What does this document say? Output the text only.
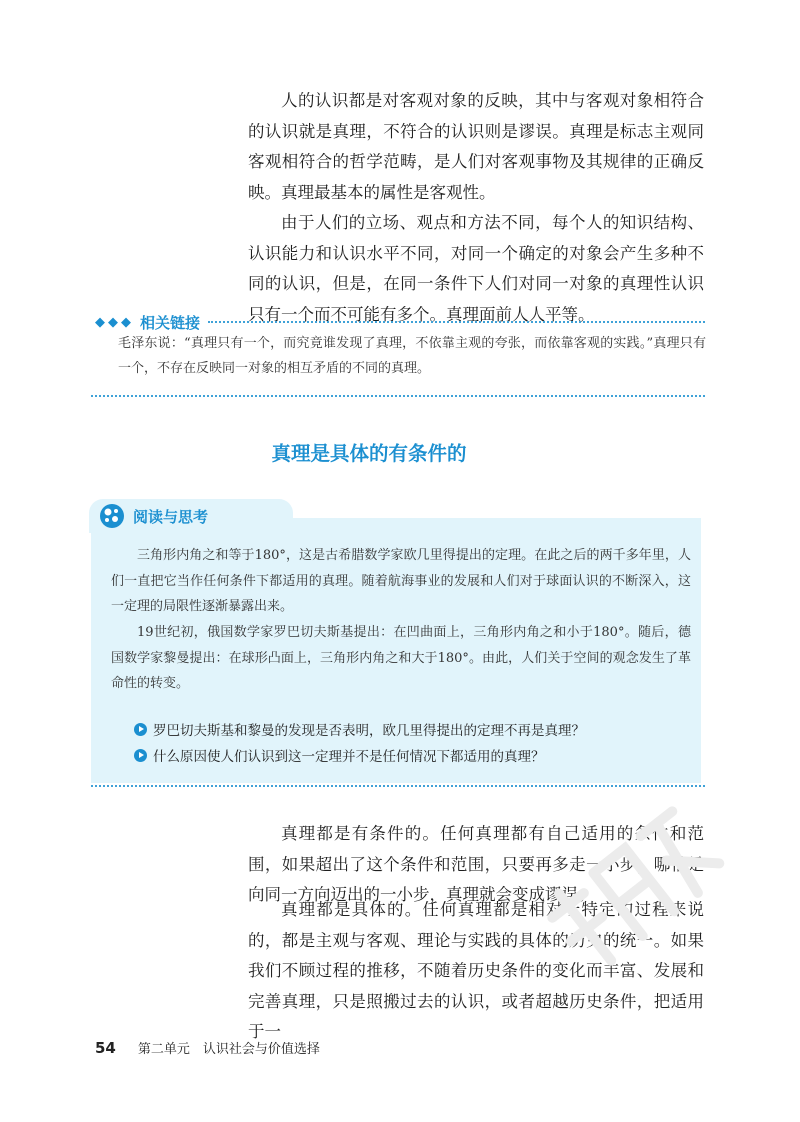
人的认识都是对客观对象的反映，其中与客观对象相符合的认识就是真理，不符合的认识则是谬误。真理是标志主观同客观相符合的哲学范畴，是人们对客观事物及其规律的正确反映。真理最基本的属性是客观性。

由于人们的立场、观点和方法不同，每个人的知识结构、认识能力和认识水平不同，对同一个确定的对象会产生多种不同的认识，但是，在同一条件下人们对同一对象的真理性认识只有一个而不可能有多个。真理面前人人平等。

◆◆◆ 相关链接

毛泽东说：“真理只有一个，而究竟谁发现了真理，不依靠主观的夸张，而依靠客观的实践。”真理只有一个，不存在反映同一对象的相互矛盾的不同的真理。

真理是具体的有条件的
阅读与思考

三角形内角之和等于180°，这是古希腊数学家欧几里得提出的定理。在此之后的两千多年里，人们一直把它当作任何条件下都适用的真理。随着航海事业的发展和人们对于球面认识的不断深入，这一定理的局限性逐渐暴露出来。

19世纪初，俄国数学家罗巴切夫斯基提出：在凹曲面上，三角形内角之和小于180°。随后，德国数学家黎曼提出：在球形凸面上，三角形内角之和大于180°。由此，人们关于空间的观念发生了革命性的转变。

罗巴切夫斯基和黎曼的发现是否表明，欧几里得提出的定理不再是真理？
什么原因使人们认识到这一定理并不是任何情况下都适用的真理？

真理都是有条件的。任何真理都有自己适用的条件和范围，如果超出了这个条件和范围，只要再多走一小步，哪怕是向同一方向迈出的一小步，真理就会变成谬误。

真理都是具体的。任何真理都是相对于特定的过程来说的，都是主观与客观、理论与实践的具体的历史的统一。如果我们不顾过程的推移，不随着历史条件的变化而丰富、发展和完善真理，只是照搬过去的认识，或者超越历史条件，把适用于一

54 第二单元　认识社会与价值选择
